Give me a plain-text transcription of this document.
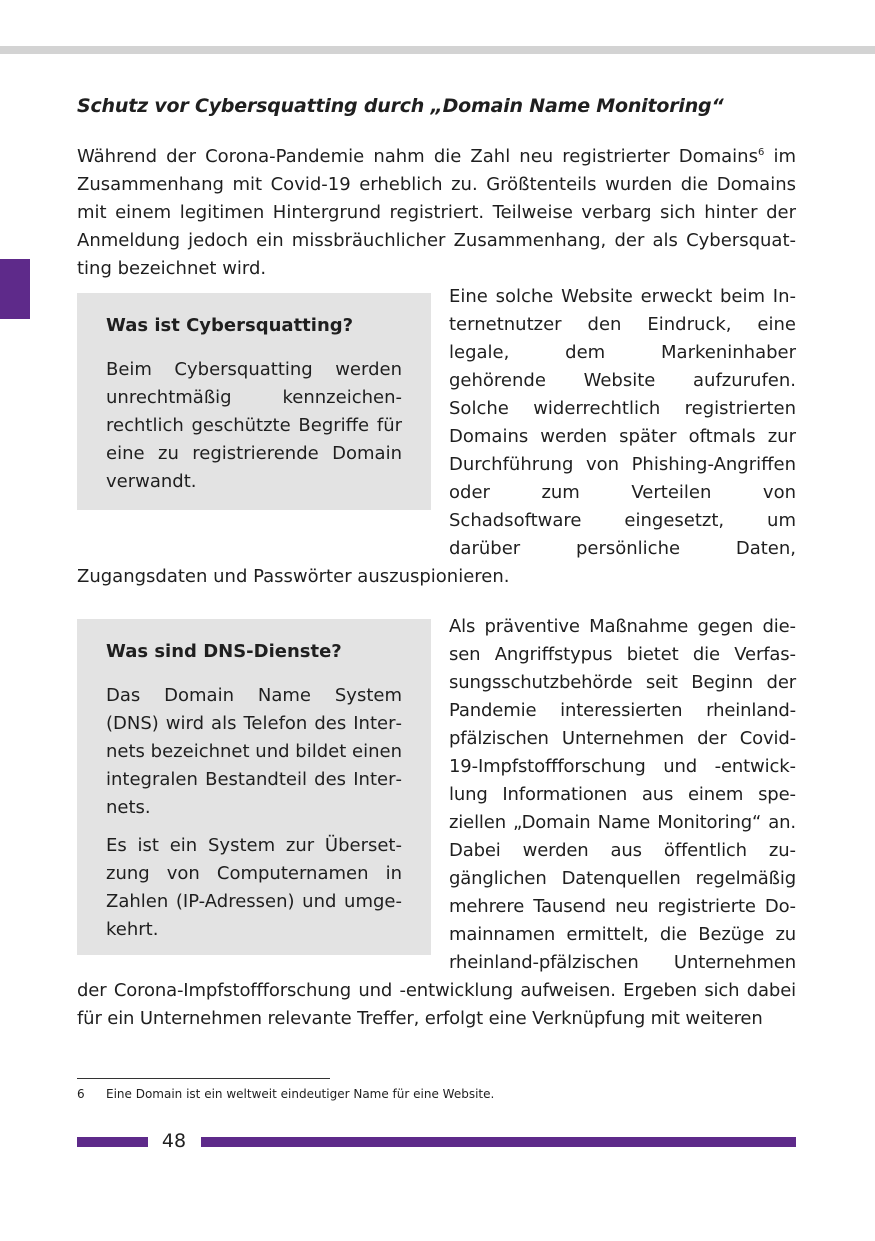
Schutz vor Cybersquatting durch „Domain Name Monitoring“

Während der Corona-Pandemie nahm die Zahl neu registrierter Domains$^6$ im Zusammenhang mit Covid-19 erheblich zu. Größtenteils wurden die Domains mit einem legitimen Hintergrund registriert. Teilweise verbarg sich hinter der Anmeldung jedoch ein missbräuchlicher Zusammenhang, der als Cybersquatting bezeichnet wird.

Was ist Cybersquatting?

Beim Cybersquatting werden unrechtmäßig kennzeichenrechtlich geschützte Begriffe für eine zu registrierende Domain verwandt.

Eine solche Website erweckt beim Internetnutzer den Eindruck, eine legale, dem Markeninhaber gehörende Website aufzurufen. Solche widerrechtlich registrierten Domains werden später oftmals zur Durchführung von Phishing-Angriffen oder zum Verteilen von Schadsoftware eingesetzt, um darüber persönliche Daten, Zugangsdaten und Passwörter auszuspionieren.

Was sind DNS-Dienste?

Das Domain Name System (DNS) wird als Telefon des Internets bezeichnet und bildet einen integralen Bestandteil des Internets.

Es ist ein System zur Übersetzung von Computernamen in Zahlen (IP-Adressen) und umgekehrt.

Als präventive Maßnahme gegen diesen Angriffstypus bietet die Verfassungsschutzbehörde seit Beginn der Pandemie interessierten rheinland-pfälzischen Unternehmen der Covid-19-Impfstoffforschung und -entwicklung Informationen aus einem speziellen „Domain Name Monitoring“ an. Dabei werden aus öffentlich zugänglichen Datenquellen regelmäßig mehrere Tausend neu registrierte Domainnamen ermittelt, die Bezüge zu rheinland-pfälzischen Unternehmen der Corona-Impfstoffforschung und -entwicklung aufweisen. Ergeben sich dabei für ein Unternehmen relevante Treffer, erfolgt eine Verknüpfung mit weiteren

6 Eine Domain ist ein weltweit eindeutiger Name für eine Website.
48
